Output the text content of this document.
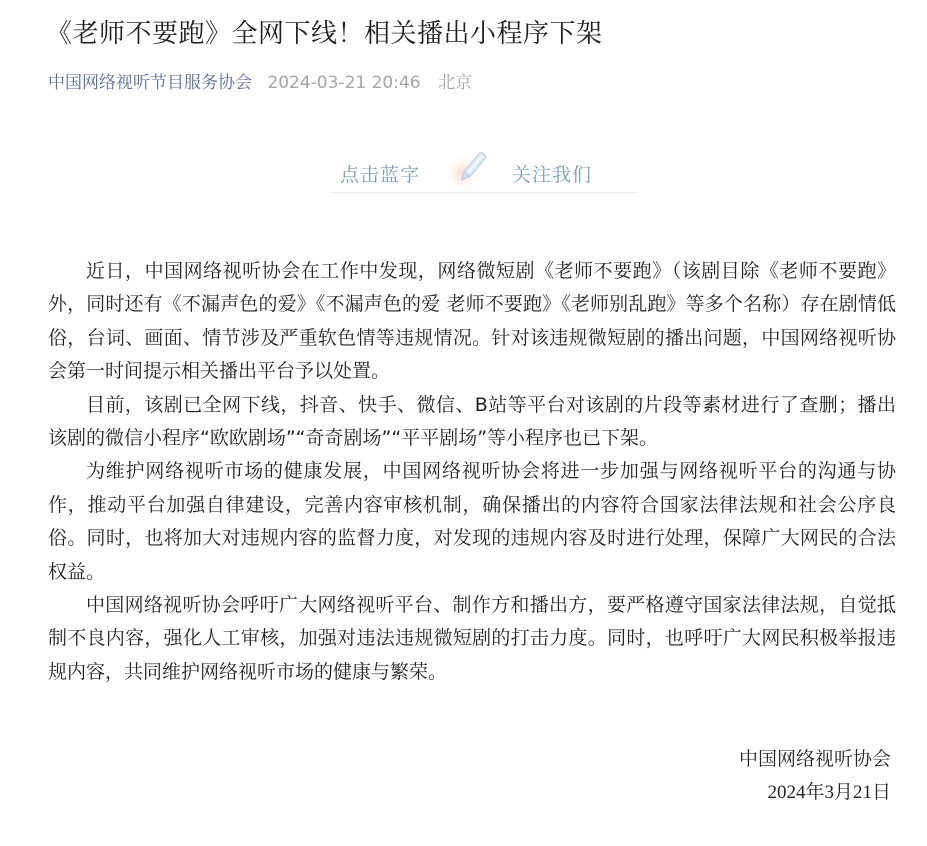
《老师不要跑》全网下线！相关播出小程序下架
中国网络视听节目服务协会 2024-03-21 20:46 北京
点击蓝字	关注我们

近日，中国网络视听协会在工作中发现，网络微短剧《老师不要跑》（该剧目除《老师不要跑》外，同时还有《不漏声色的爱》《不漏声色的爱 老师不要跑》《老师别乱跑》等多个名称）存在剧情低俗，台词、画面、情节涉及严重软色情等违规情况。针对该违规微短剧的播出问题，中国网络视听协会第一时间提示相关播出平台予以处置。

目前，该剧已全网下线，抖音、快手、微信、B站等平台对该剧的片段等素材进行了查删；播出该剧的微信小程序“欧欧剧场”“奇奇剧场”“平平剧场”等小程序也已下架。

为维护网络视听市场的健康发展，中国网络视听协会将进一步加强与网络视听平台的沟通与协作，推动平台加强自律建设，完善内容审核机制，确保播出的内容符合国家法律法规和社会公序良俗。同时，也将加大对违规内容的监督力度，对发现的违规内容及时进行处理，保障广大网民的合法权益。

中国网络视听协会呼吁广大网络视听平台、制作方和播出方，要严格遵守国家法律法规，自觉抵制不良内容，强化人工审核，加强对违法违规微短剧的打击力度。同时，也呼吁广大网民积极举报违规内容，共同维护网络视听市场的健康与繁荣。

中国网络视听协会
2024年3月21日
